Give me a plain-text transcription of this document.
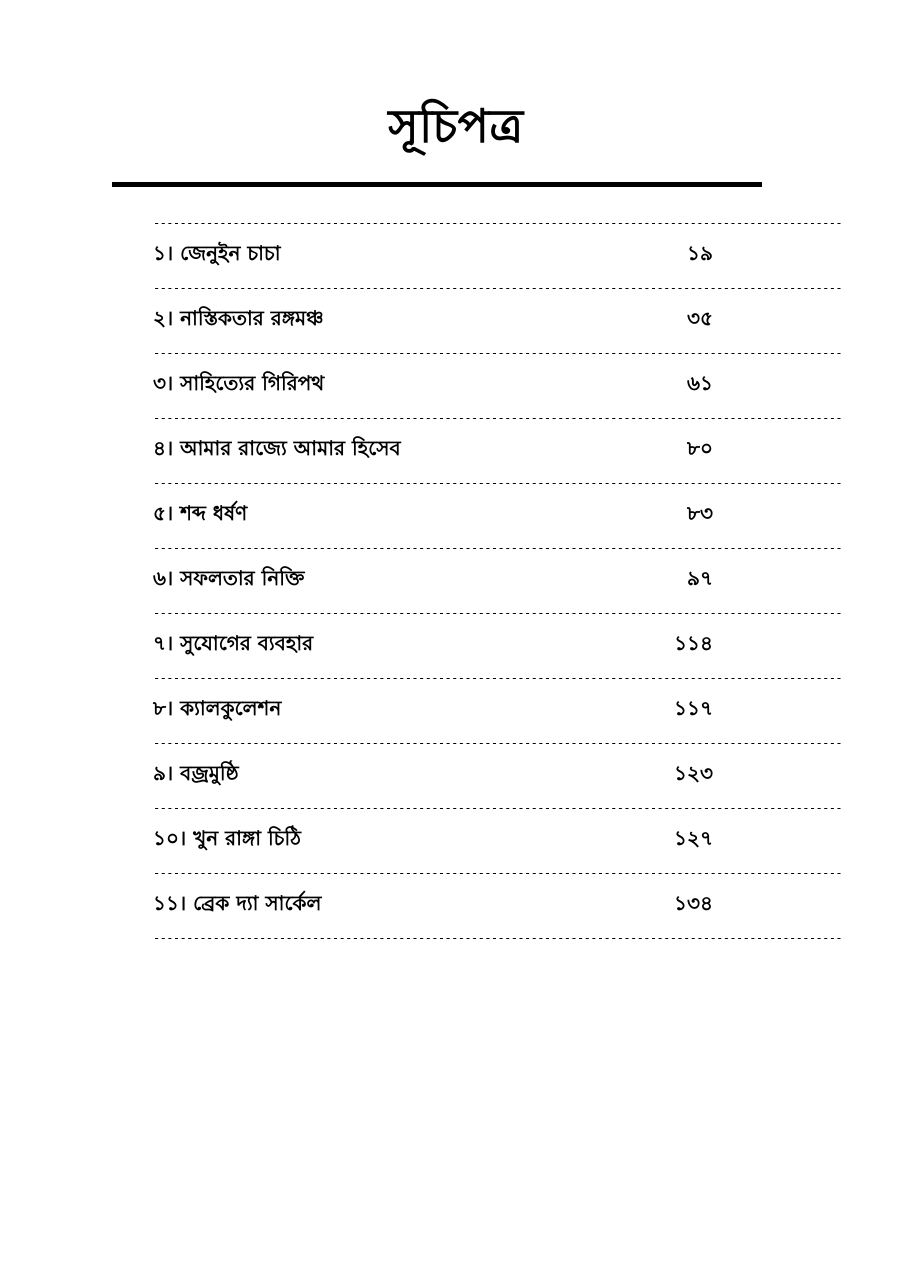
সূচিপত্র
--------------------------------------------------------------------------------------------------------
১। জেনুইন চাচা	১৯
--------------------------------------------------------------------------------------------------------
২। নাস্তিকতার রঙ্গমঞ্চ	৩৫
--------------------------------------------------------------------------------------------------------
৩। সাহিত্যের গিরিপথ	৬১
--------------------------------------------------------------------------------------------------------
৪। আমার রাজ্যে আমার হিসেব	৮০
--------------------------------------------------------------------------------------------------------
৫। শব্দ ধর্ষণ	৮৩
--------------------------------------------------------------------------------------------------------
৬। সফলতার নিক্তি	৯৭
--------------------------------------------------------------------------------------------------------
৭। সুযোগের ব্যবহার	১১৪
--------------------------------------------------------------------------------------------------------
৮। ক্যালকুলেশন	১১৭
--------------------------------------------------------------------------------------------------------
৯। বজ্রমুষ্ঠি	১২৩
--------------------------------------------------------------------------------------------------------
১০। খুন রাঙ্গা চিঠি	১২৭
--------------------------------------------------------------------------------------------------------
১১। ব্রেক দ্যা সার্কেল	১৩৪
--------------------------------------------------------------------------------------------------------
